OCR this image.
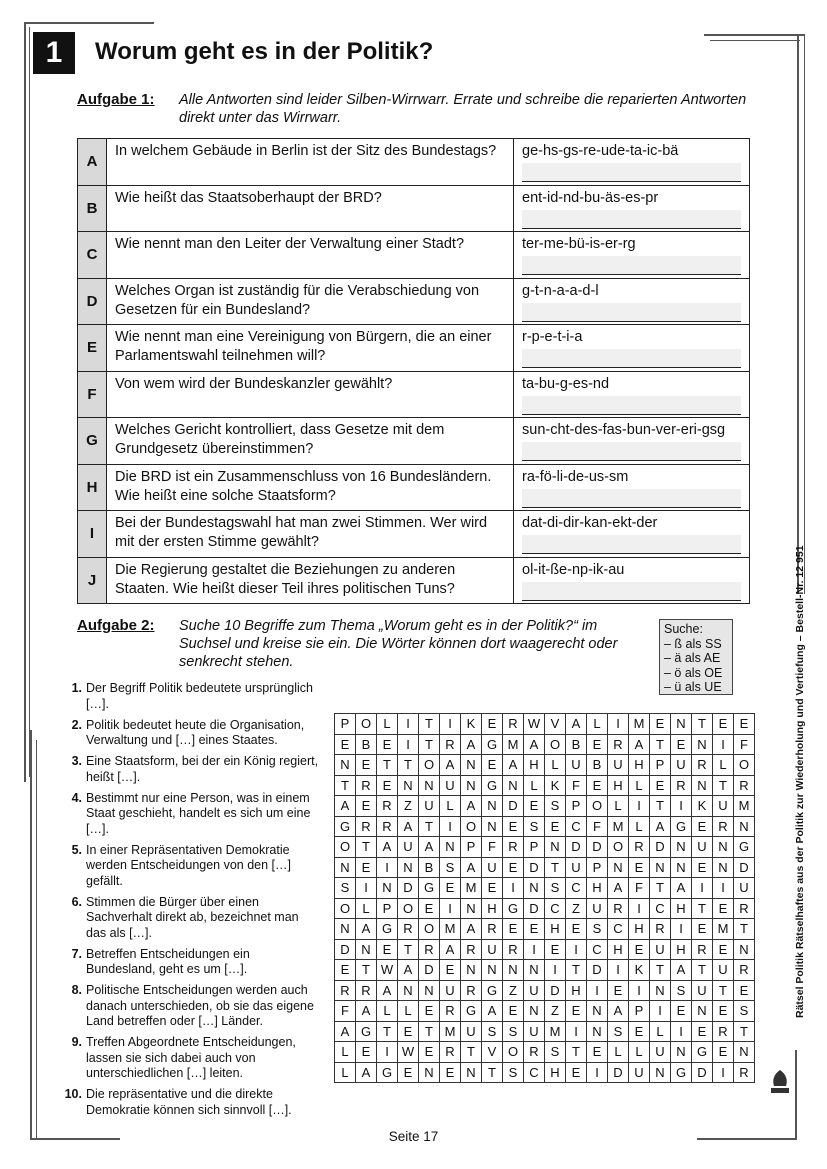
1	Worum geht es in der Politik?
Aufgabe 1: Alle Antworten sind leider Silben-Wirrwarr. Errate und schreibe die reparierten Antworten direkt unter das Wirrwarr.
A	In welchem Gebäude in Berlin ist der Sitz des Bundestags?	ge-hs-gs-re-ude-ta-ic-bä

B	Wie heißt das Staatsoberhaupt der BRD?	ent-id-nd-bu-äs-es-pr

C	Wie nennt man den Leiter der Verwaltung einer Stadt?	ter-me-bü-is-er-rg

D	Welches Organ ist zuständig für die Verabschiedung von Gesetzen für ein Bundesland?	g-t-n-a-a-d-l

E	Wie nennt man eine Vereinigung von Bürgern, die an einer Parlamentswahl teilnehmen will?	r-p-e-t-i-a

F	Von wem wird der Bundeskanzler gewählt?	ta-bu-g-es-nd

G	Welches Gericht kontrolliert, dass Gesetze mit dem Grundgesetz übereinstimmen?	sun-cht-des-fas-bun-ver-eri-gsg

H	Die BRD ist ein Zusammenschluss von 16 Bundesländern. Wie heißt eine solche Staatsform?	ra-fö-li-de-us-sm

I	Bei der Bundestagswahl hat man zwei Stimmen. Wer wird mit der ersten Stimme gewählt?	dat-di-dir-kan-ekt-der

J	Die Regierung gestaltet die Beziehungen zu anderen Staaten. Wie heißt dieser Teil ihres politischen Tuns?	ol-it-ße-np-ik-au
Aufgabe 2: Suche 10 Begriffe zum Thema „Worum geht es in der Politik?“ im Suchsel und kreise sie ein. Die Wörter können dort waagerecht oder senkrecht stehen.
Suche:
– ß als SS
– ä als AE
– ö als OE
– ü als UE
1. Der Begriff Politik bedeutete ursprünglich […].
2. Politik bedeutet heute die Organisation, Verwaltung und […] eines Staates.
3. Eine Staatsform, bei der ein König regiert, heißt […].
4. Bestimmt nur eine Person, was in einem Staat geschieht, handelt es sich um eine […].
5. In einer Repräsentativen Demokratie werden Entscheidungen von den […] gefällt.
6. Stimmen die Bürger über einen Sachverhalt direkt ab, bezeichnet man das als […].
7. Betreffen Entscheidungen ein Bundesland, geht es um […].
8. Politische Entscheidungen werden auch danach unterschieden, ob sie das eigene Land betreffen oder […] Länder.
9. Treffen Abgeordnete Entscheidungen, lassen sie sich dabei auch von unterschiedlichen […] leiten.
10. Die repräsentative und die direkte Demokratie können sich sinnvoll […].
P	O	L	I	T	I	K	E	R	W	V	A	L	I	M	E	N	T	E	E
E	B	E	I	T	R	A	G	M	A	O	B	E	R	A	T	E	N	I	F
N	E	T	T	O	A	N	E	A	H	L	U	B	U	H	P	U	R	L	O
T	R	E	N	N	U	N	G	N	L	K	F	E	H	L	E	R	N	T	R
A	E	R	Z	U	L	A	N	D	E	S	P	O	L	I	T	I	K	U	M
G	R	R	A	T	I	O	N	E	S	E	C	F	M	L	A	G	E	R	N
O	T	A	U	A	N	P	F	R	P	N	D	D	O	R	D	N	U	N	G
N	E	I	N	B	S	A	U	E	D	T	U	P	N	E	N	N	E	N	D
S	I	N	D	G	E	M	E	I	N	S	C	H	A	F	T	A	I	I	U
O	L	P	O	E	I	N	H	G	D	C	Z	U	R	I	C	H	T	E	R
N	A	G	R	O	M	A	R	E	E	H	E	S	C	H	R	I	E	M	T
D	N	E	T	R	A	R	U	R	I	E	I	C	H	E	U	H	R	E	N
E	T	W	A	D	E	N	N	N	N	I	T	D	I	K	T	A	T	U	R
R	R	A	N	N	U	R	G	Z	U	D	H	I	E	I	N	S	U	T	E
F	A	L	L	E	R	G	A	E	N	Z	E	N	A	P	I	E	N	E	S
A	G	T	E	T	M	U	S	S	U	M	I	N	S	E	L	I	E	R	T
L	E	I	W	E	R	T	V	O	R	S	T	E	L	L	U	N	G	E	N
L	A	G	E	N	E	N	T	S	C	H	E	I	D	U	N	G	D	I	R
Rätsel Politik Rätselhaftes aus der Politik zur Wiederholung und Vertiefung – Bestell-Nr. 12 951
Seite 17
